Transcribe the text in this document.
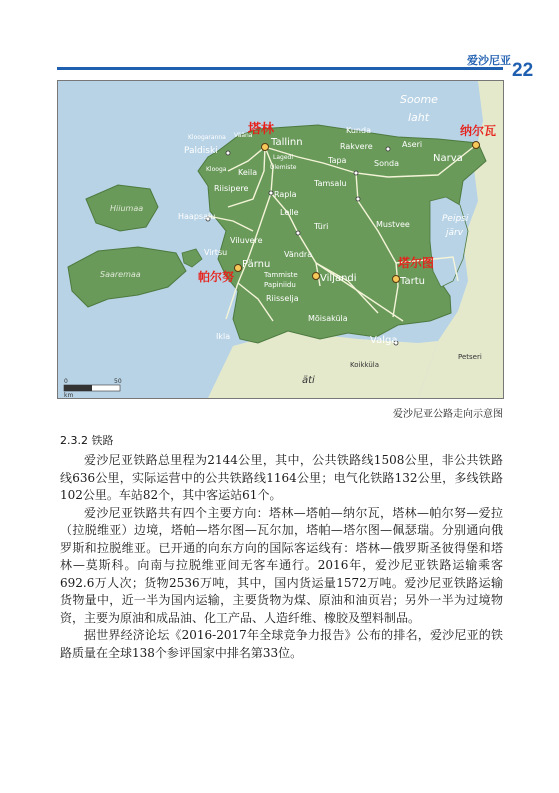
爱沙尼亚 22
Soome
laht
Peipsi
järv
äti
Hiiumaa
Saaremaa
Tallinn
Narva
Pärnu
Viljandi	Tartu
Valga
Paldiski
Haapsalu
Rapla
Kunda
Rakvere	Aseri
Sonda
Tapa
Tamsalu
Mustvee
Türi
Lelle
Keila
Kloogaranna Vääna
Klooga
Riisipere
Virtsu
Viluvere
Vändra
Tammiste
Papiniidu
Riisselja
Mõisaküla
Ikla
Koikküla
Petseri
Lagedi
Ülemiste
塔林	纳尔瓦
帕尔努
塔尔图
0	50
km
爱沙尼亚公路走向示意图
2.3.2 铁路

爱沙尼亚铁路总里程为2144公里，其中，公共铁路线1508公里，非公共铁路线636公里，实际运营中的公共铁路线1164公里；电气化铁路132公里，多线铁路102公里。车站82个，其中客运站61个。

爱沙尼亚铁路共有四个主要方向：塔林—塔帕—纳尔瓦，塔林—帕尔努—爱拉（拉脱维亚）边境，塔帕—塔尔图—瓦尔加，塔帕—塔尔图—佩瑟瑞。分别通向俄罗斯和拉脱维亚。已开通的向东方向的国际客运线有：塔林—俄罗斯圣彼得堡和塔林—莫斯科。向南与拉脱维亚间无客车通行。2016年，爱沙尼亚铁路运输乘客692.6万人次；货物2536万吨，其中，国内货运量1572万吨。爱沙尼亚铁路运输货物量中，近一半为国内运输，主要货物为煤、原油和油页岩；另外一半为过境物资，主要为原油和成品油、化工产品、人造纤维、橡胶及塑料制品。

据世界经济论坛《2016-2017年全球竞争力报告》公布的排名，爱沙尼亚的铁路质量在全球138个参评国家中排名第33位。
